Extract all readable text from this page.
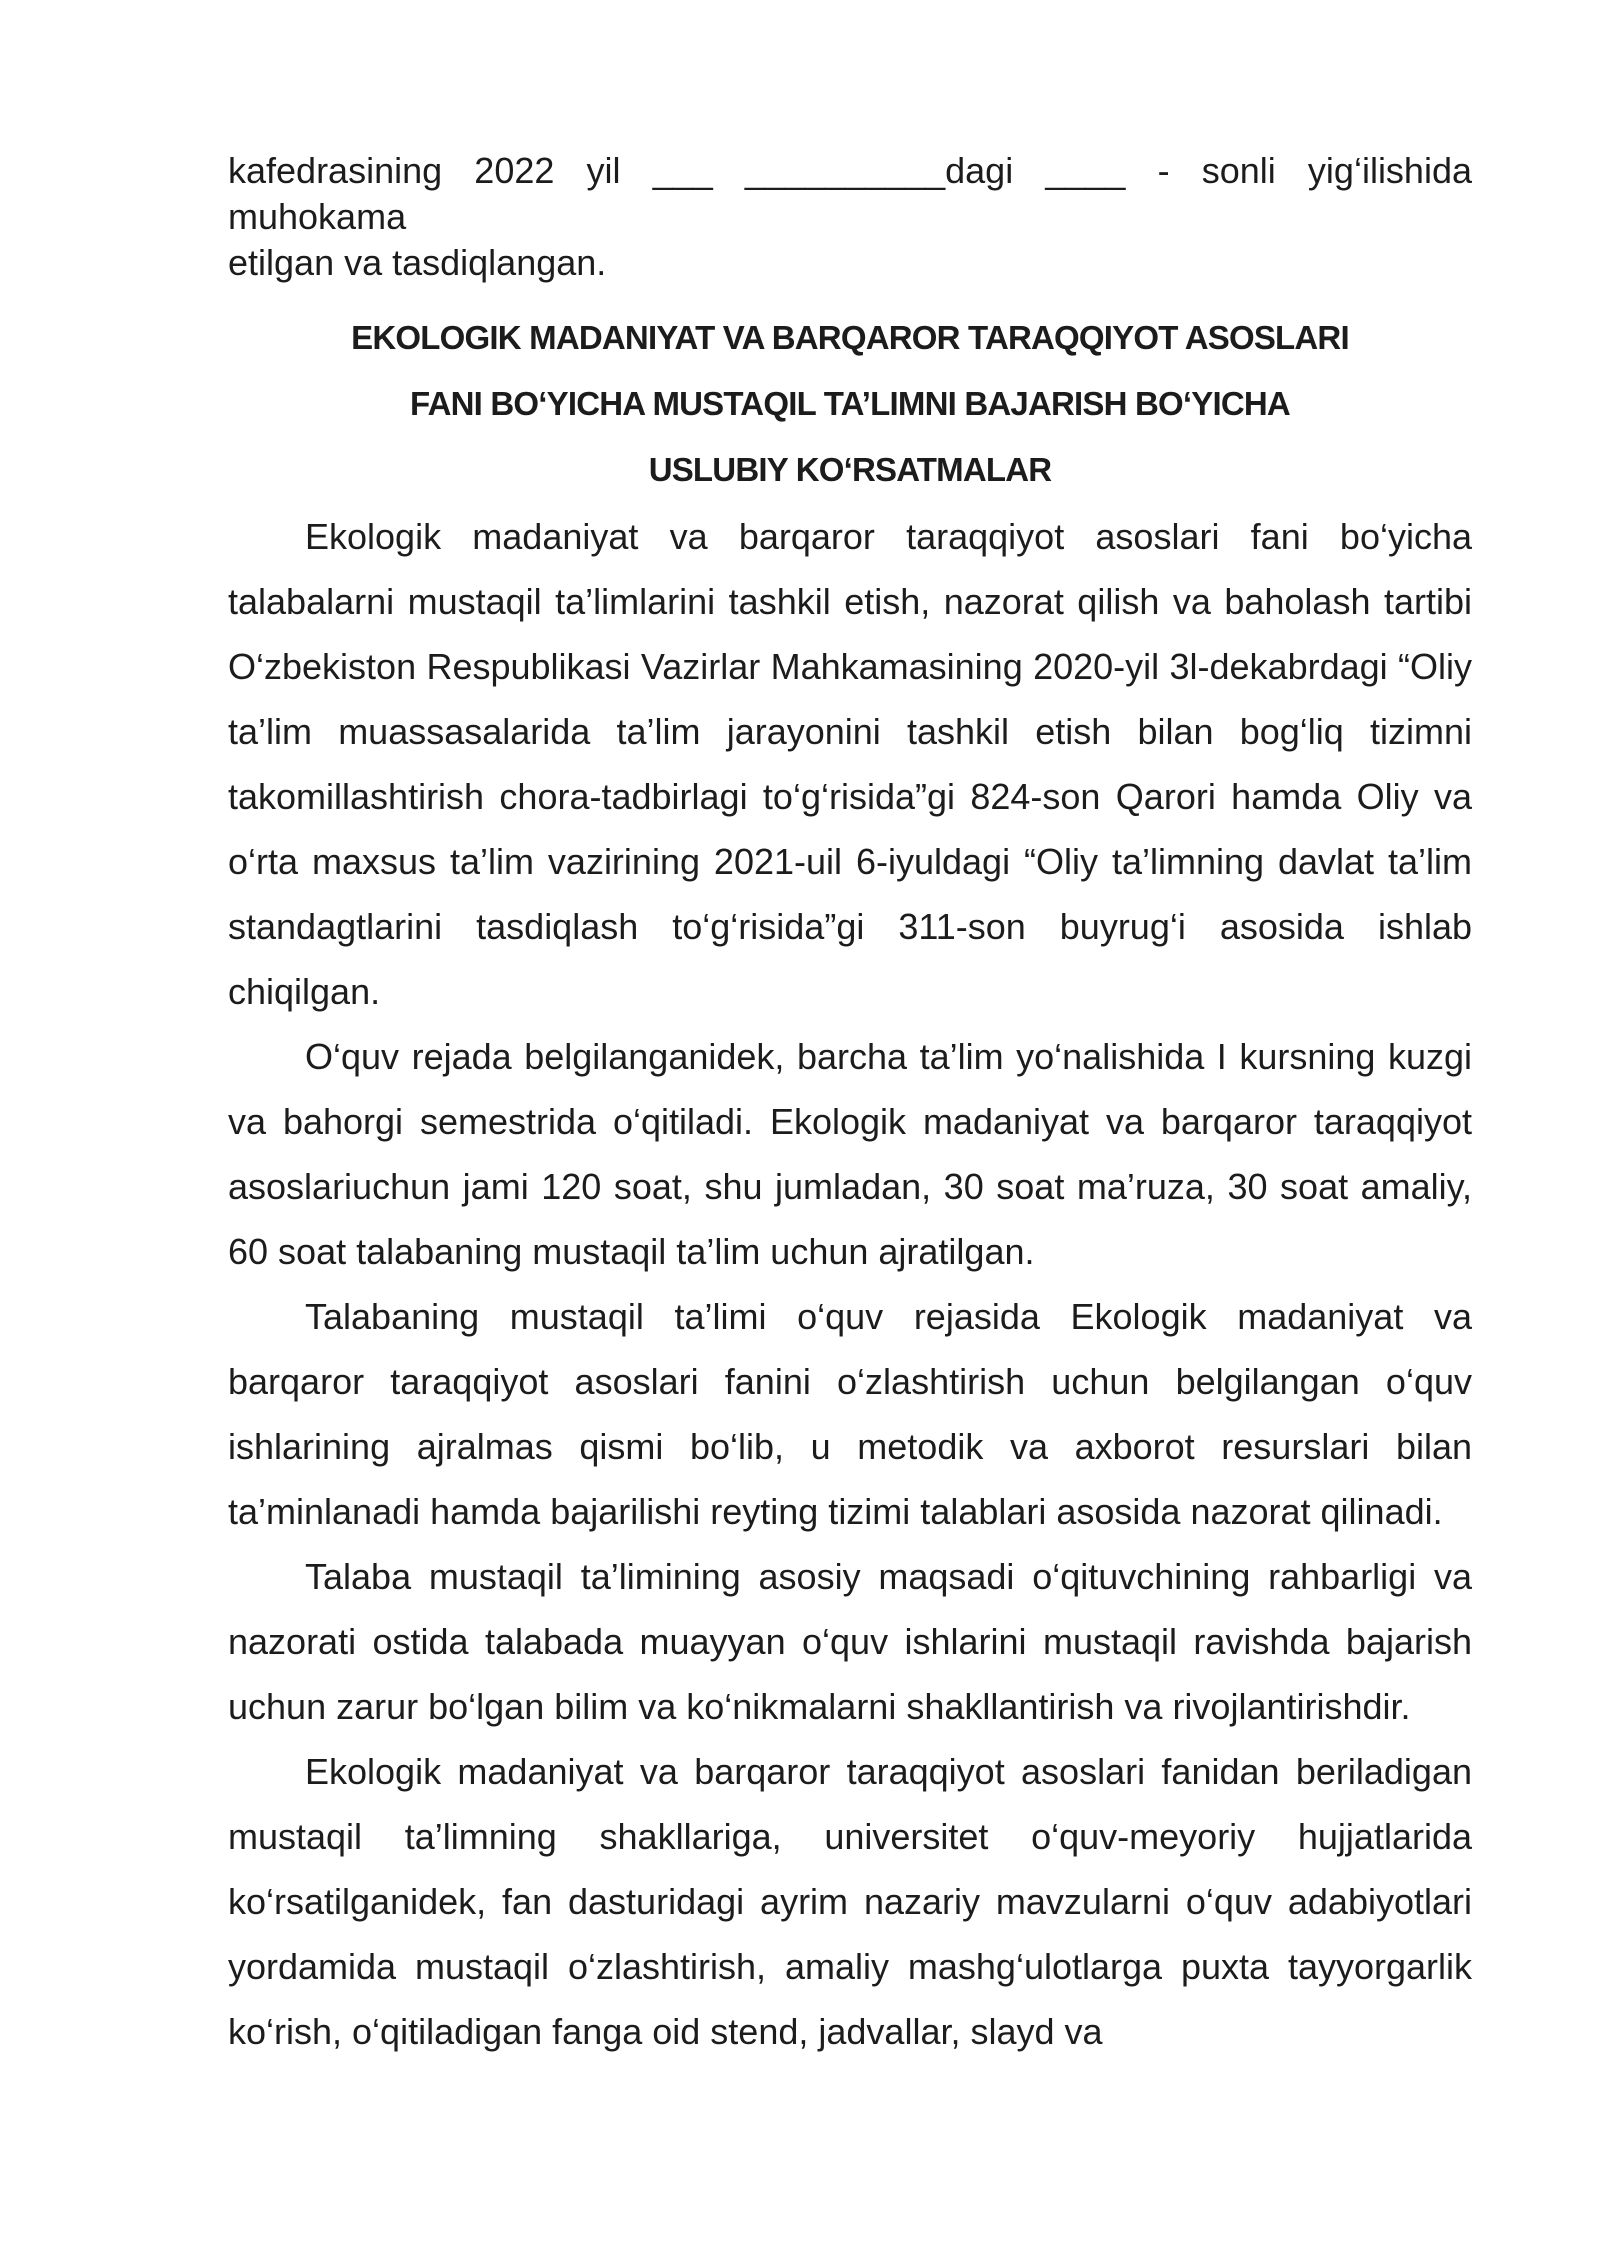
kafedrasining 2022 yil ___ __________dagi ____ - sonli yig‘ilishida muhokama

etilgan va tasdiqlangan.

EKOLOGIK MADANIYAT VA BARQAROR TARAQQIYOT ASOSLARI

FANI BO‘YICHA MUSTAQIL TA’LIMNI BAJARISH BO‘YICHA

USLUBIY KO‘RSATMALAR

Ekologik madaniyat va barqaror taraqqiyot asoslari fani bo‘yicha talabalarni mustaqil ta’limlarini tashkil etish, nazorat qilish va baholash tartibi O‘zbekiston Respublikasi Vazirlar Mahkamasining 2020-yil 3l-dekabrdagi “Oliy ta’lim muassasalarida ta’lim jarayonini tashkil etish bilan bog‘liq tizimni takomillashtirish chora-tadbirlagi to‘g‘risida”gi 824-son Qarori hamda Oliy va o‘rta maxsus ta’lim vazirining 2021-uil 6-iyuldagi “Oliy ta’limning davlat ta’lim standagtlarini tasdiqlash to‘g‘risida”gi 311-son buyrug‘i asosida ishlab chiqilgan.

O‘quv rejada belgilanganidek, barcha ta’lim yo‘nalishida I kursning kuzgi va bahorgi semestrida o‘qitiladi. Ekologik madaniyat va barqaror taraqqiyot asoslariuchun jami 120 soat, shu jumladan, 30 soat ma’ruza, 30 soat amaliy, 60 soat talabaning mustaqil ta’lim uchun ajratilgan.

Talabaning mustaqil ta’limi o‘quv rejasida Ekologik madaniyat va barqaror taraqqiyot asoslari fanini o‘zlashtirish uchun belgilangan o‘quv ishlarining ajralmas qismi bo‘lib, u metodik va axborot resurslari bilan ta’minlanadi hamda bajarilishi reyting tizimi talablari asosida nazorat qilinadi.

Talaba mustaqil ta’limining asosiy maqsadi o‘qituvchining rahbarligi va nazorati ostida talabada muayyan o‘quv ishlarini mustaqil ravishda bajarish uchun zarur bo‘lgan bilim va ko‘nikmalarni shakllantirish va rivojlantirishdir.

Ekologik madaniyat va barqaror taraqqiyot asoslari fanidan beriladigan mustaqil ta’limning shakllariga, universitet o‘quv-meyoriy hujjatlarida ko‘rsatilganidek, fan dasturidagi ayrim nazariy mavzularni o‘quv adabiyotlari yordamida mustaqil o‘zlashtirish, amaliy mashg‘ulotlarga puxta tayyorgarlik ko‘rish, o‘qitiladigan fanga oid stend, jadvallar, slayd va
